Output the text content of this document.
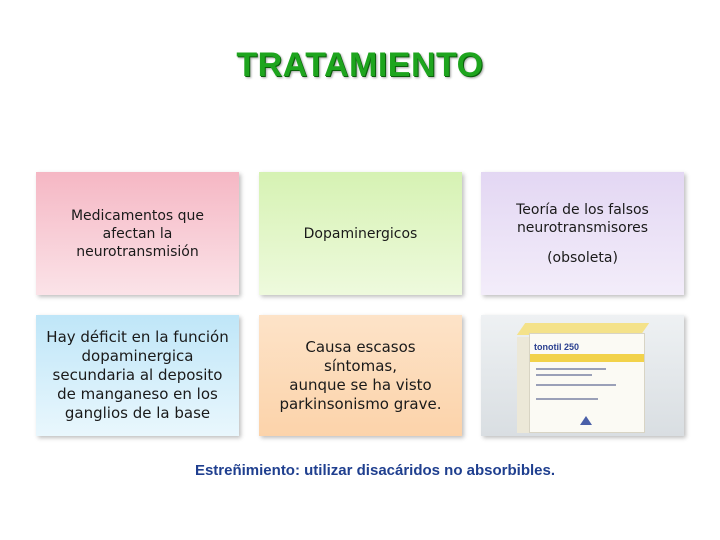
TRATAMIENTO
Medicamentos que
afectan la
neurotransmisión
Dopaminergicos
Teoría de los falsos
neurotransmisores
(obsoleta)
Hay déficit en la función
dopaminergica
secundaria al deposito
de manganeso en los
ganglios de la base
Causa escasos síntomas,
aunque se ha visto
parkinsonismo grave.
tonotil 250
Estreñimiento: utilizar disacáridos no absorbibles.
